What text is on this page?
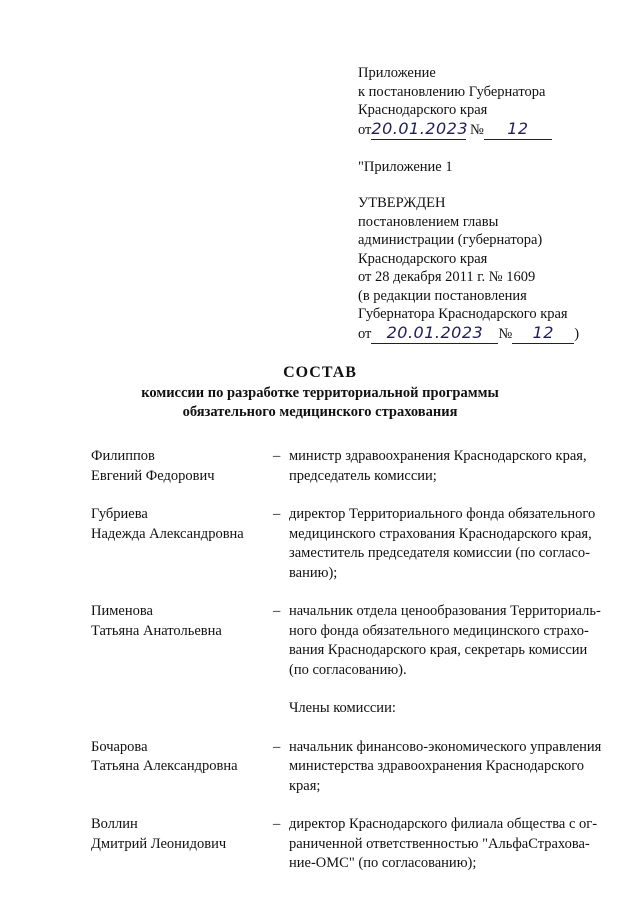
Приложение
к постановлению Губернатора
Краснодарского края
от20.01.2023 № 12
"Приложение 1
УТВЕРЖДЕН
постановлением главы
администрации (губернатора)
Краснодарского края
от 28 декабря 2011 г. № 1609
(в редакции постановления
Губернатора Краснодарского края
от 20.01.2023 № 12 )
СОСТАВ
комиссии по разработке территориальной программы
обязательного медицинского страхования
Филиппов
Евгений Федорович
– министр здравоохранения Краснодарского края,
председатель комиссии;
Губриева
Надежда Александровна
– директор Территориального фонда обязательного
медицинского страхования Краснодарского края,
заместитель председателя комиссии (по согласо-
ванию);
Пименова
Татьяна Анатольевна
– начальник отдела ценообразования Территориаль-
ного фонда обязательного медицинского страхо-
вания Краснодарского края, секретарь комиссии
(по согласованию).
Члены комиссии:
Бочарова
Татьяна Александровна
– начальник финансово-экономического управления
министерства здравоохранения Краснодарского
края;
Воллин
Дмитрий Леонидович
– директор Краснодарского филиала общества с ог-
раниченной ответственностью "АльфаСтрахова-
ние-ОМС" (по согласованию);
